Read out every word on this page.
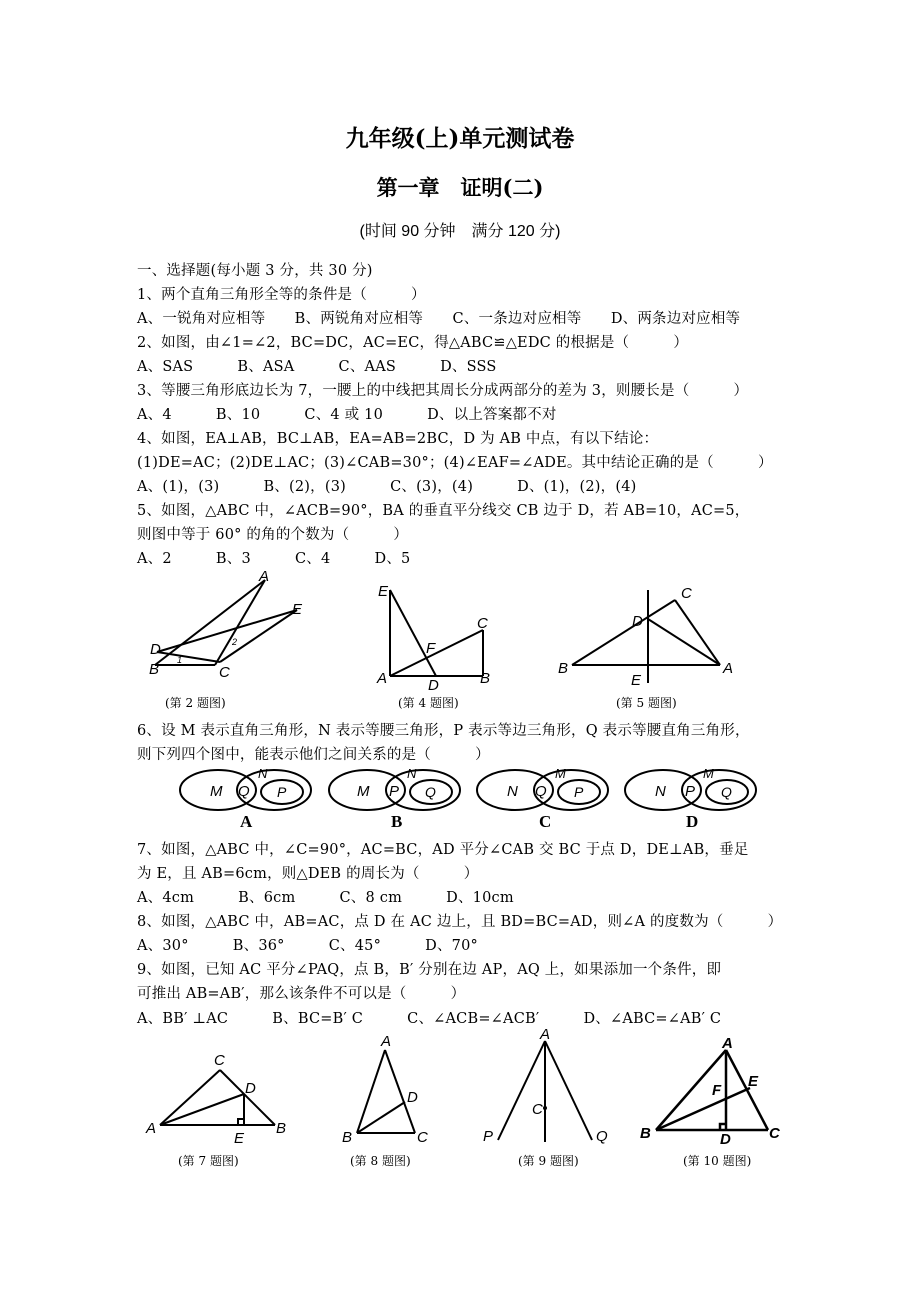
九年级(上)单元测试卷
第一章　证明(二)
(时间 90 分钟　满分 120 分)
一、选择题(每小题 3 分，共 30 分)
1、两个直角三角形全等的条件是（　　　）
A、一锐角对应相等　　B、两锐角对应相等　　C、一条边对应相等　　D、两条边对应相等
2、如图，由∠1=∠2，BC=DC，AC=EC，得△ABC≌△EDC 的根据是（　　　）
A、SAS　　　B、ASA　　　C、AAS　　　D、SSS
3、等腰三角形底边长为 7，一腰上的中线把其周长分成两部分的差为 3，则腰长是（　　　）
A、4　　　B、10　　　C、4 或 10　　　D、以上答案都不对
4、如图，EA⊥AB，BC⊥AB，EA=AB=2BC，D 为 AB 中点，有以下结论：
(1)DE=AC；(2)DE⊥AC；(3)∠CAB=30°；(4)∠EAF=∠ADE。其中结论正确的是（　　　）
A、(1)，(3)　　　B、(2)，(3)　　　C、(3)，(4)　　　D、(1)，(2)，(4)
5、如图，△ABC 中，∠ACB=90°，BA 的垂直平分线交 CB 边于 D，若 AB=10，AC=5，
则图中等于 60° 的角的个数为（　　　）
A、2　　　B、3　　　C、4　　　D、5
A
E
D
B	C
1
2
(第 2 题图)
E
C
F
A	D	B
(第 4 题图)
C
D
B
E
A
(第 5 题图)
6、设 M 表示直角三角形，N 表示等腰三角形，P 表示等边三角形，Q 表示等腰直角三角形，
则下列四个图中，能表示他们之间关系的是（　　　）
M
N
Q P	M
N
P Q	N
M
Q P	N
M
P Q
A	B	C	D
7、如图，△ABC 中，∠C=90°，AC=BC，AD 平分∠CAB 交 BC 于点 D，DE⊥AB，垂足
为 E，且 AB=6cm，则△DEB 的周长为（　　　）
A、4cm　　　B、6cm　　　C、8 cm　　　D、10cm
8、如图，△ABC 中，AB=AC，点 D 在 AC 边上，且 BD=BC=AD，则∠A 的度数为（　　　）
A、30°　　　B、36°　　　C、45°　　　D、70°
9、如图，已知 AC 平分∠PAQ，点 B，B′ 分别在边 AP，AQ 上，如果添加一个条件，即
可推出 AB=AB′，那么该条件不可以是（　　　）
A、BB′ ⊥AC　　　B、BC=B′ C　　　C、∠ACB=∠ACB′　　　D、∠ABC=∠AB′ C
C
D
A
E
B
(第 7 题图)
A
D
B	C
(第 8 题图)
A
C
P	Q
(第 9 题图)
A
E
F
B	D	C
(第 10 题图)
